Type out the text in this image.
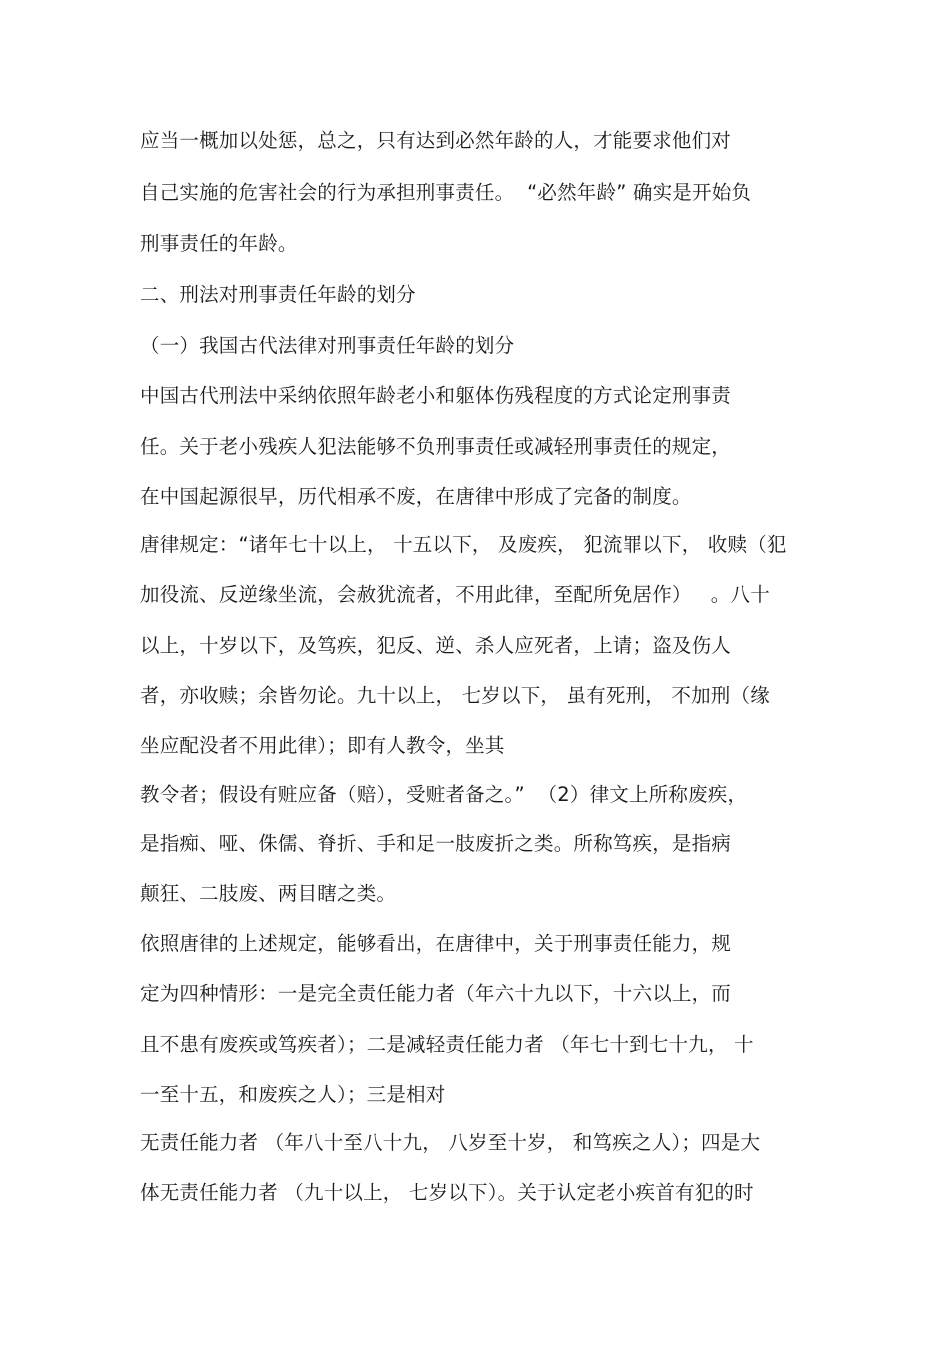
应当一概加以处惩，总之，只有达到必然年龄的人，才能要求他们对
自己实施的危害社会的行为承担刑事责任。  “必然年龄” 确实是开始负
刑事责任的年龄。
二、刑法对刑事责任年龄的划分
（一）我国古代法律对刑事责任年龄的划分
中国古代刑法中采纳依照年龄老小和躯体伤残程度的方式论定刑事责
任。关于老小残疾人犯法能够不负刑事责任或减轻刑事责任的规定，
在中国起源很早，历代相承不废，在唐律中形成了完备的制度。
唐律规定：“诸年七十以上， 十五以下， 及废疾， 犯流罪以下， 收赎（犯
加役流、反逆缘坐流，会赦犹流者，不用此律，至配所免居作）   。八十
以上，十岁以下，及笃疾，犯反、逆、杀人应死者，上请；盗及伤人
者，亦收赎；余皆勿论。九十以上， 七岁以下， 虽有死刑， 不加刑（缘
坐应配没者不用此律）；即有人教令，坐其
教令者；假设有赃应备（赔），受赃者备之。”  （2）律文上所称废疾，
是指痴、哑、侏儒、脊折、手和足一肢废折之类。所称笃疾，是指病
颠狂、二肢废、两目瞎之类。
依照唐律的上述规定，能够看出，在唐律中，关于刑事责任能力，规
定为四种情形：一是完全责任能力者（年六十九以下，十六以上，而
且不患有废疾或笃疾者）；二是减轻责任能力者 （年七十到七十九， 十
一至十五，和废疾之人）；三是相对
无责任能力者 （年八十至八十九， 八岁至十岁， 和笃疾之人）；四是大
体无责任能力者 （九十以上， 七岁以下）。关于认定老小疾首有犯的时
